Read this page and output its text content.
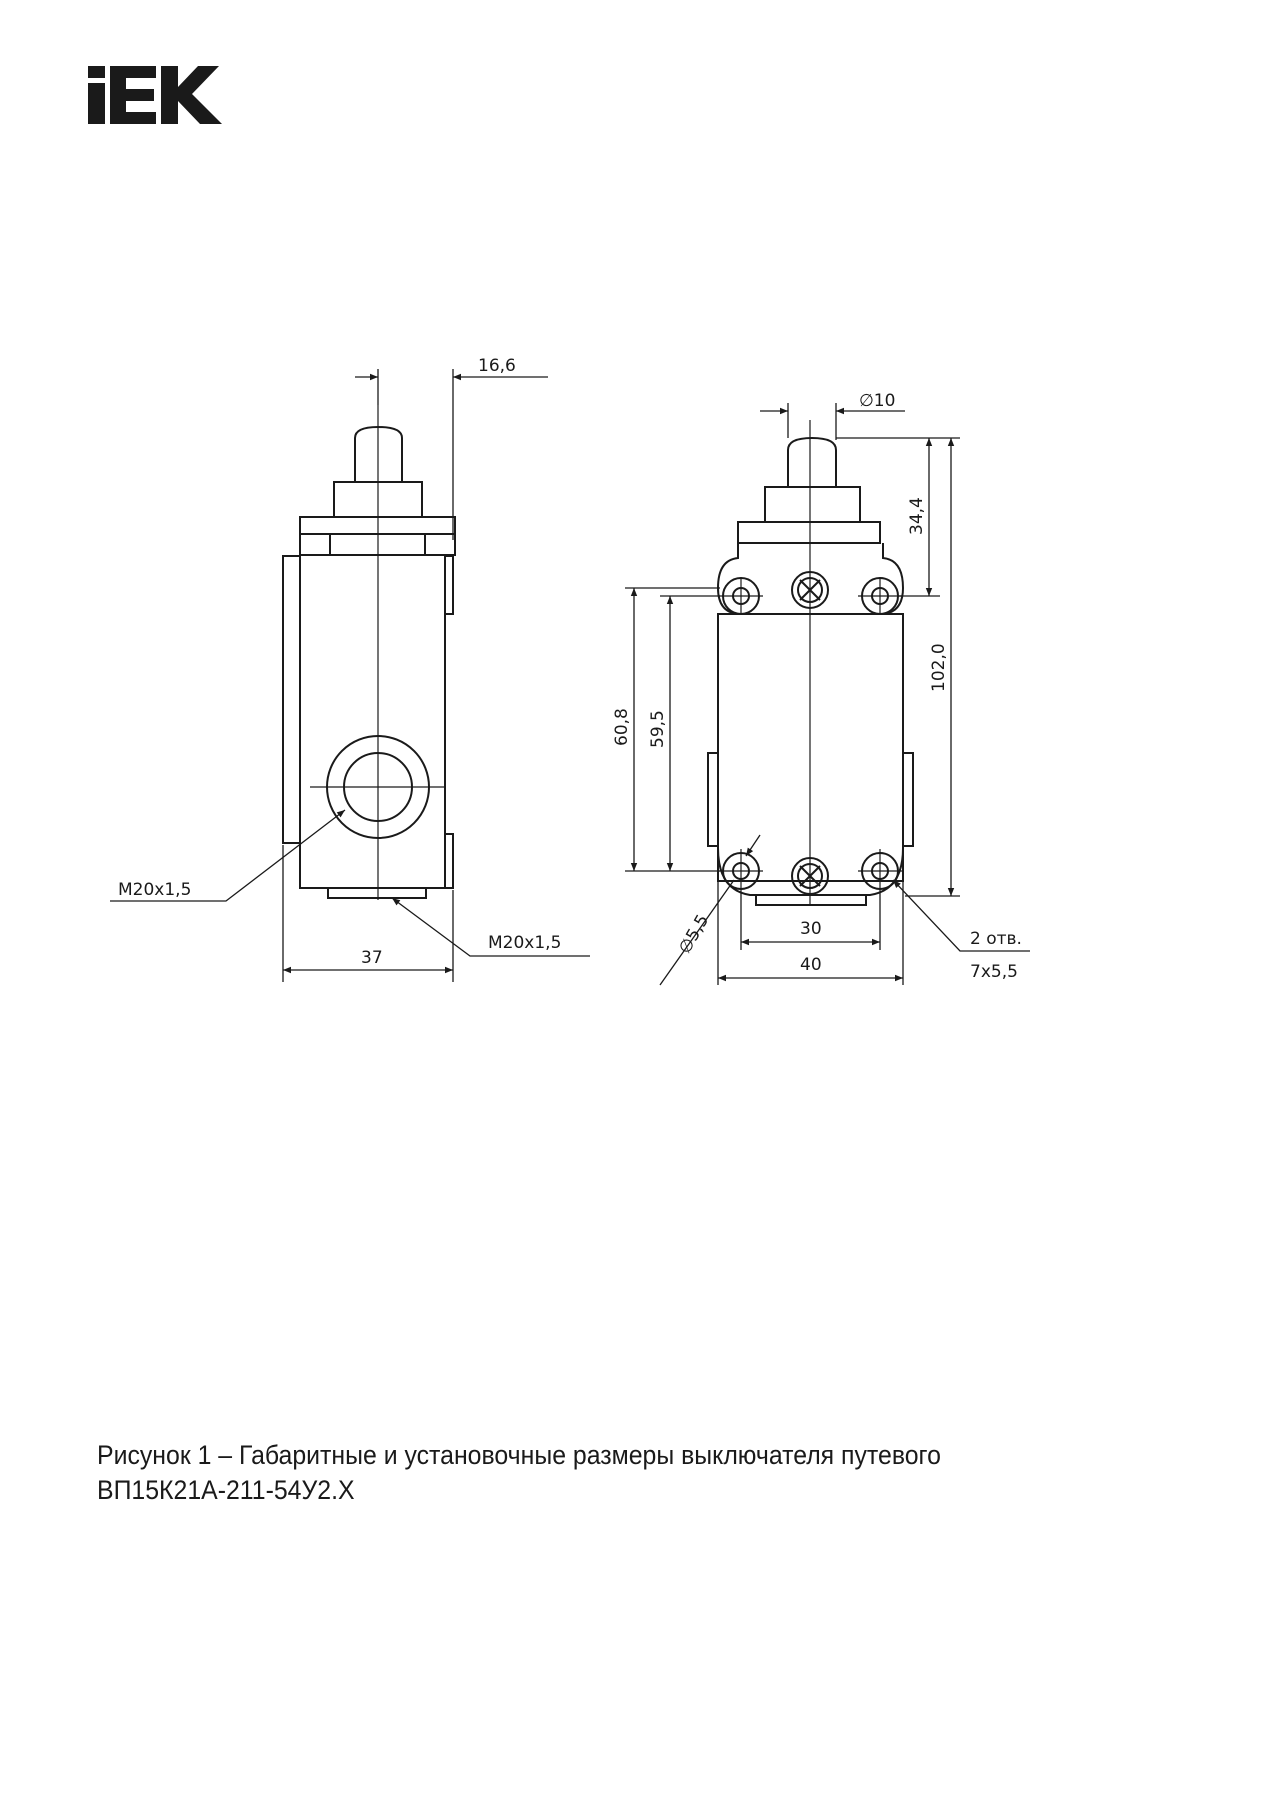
16,6
∅10
34,4
102,0
60,8 59,5
M20x1,5
M20x1,5
37
∅5,5	30
40
2 отв.
7x5,5
Рисунок 1 – Габаритные и установочные размеры выключателя путевого
ВП15К21А-211-54У2.Х
